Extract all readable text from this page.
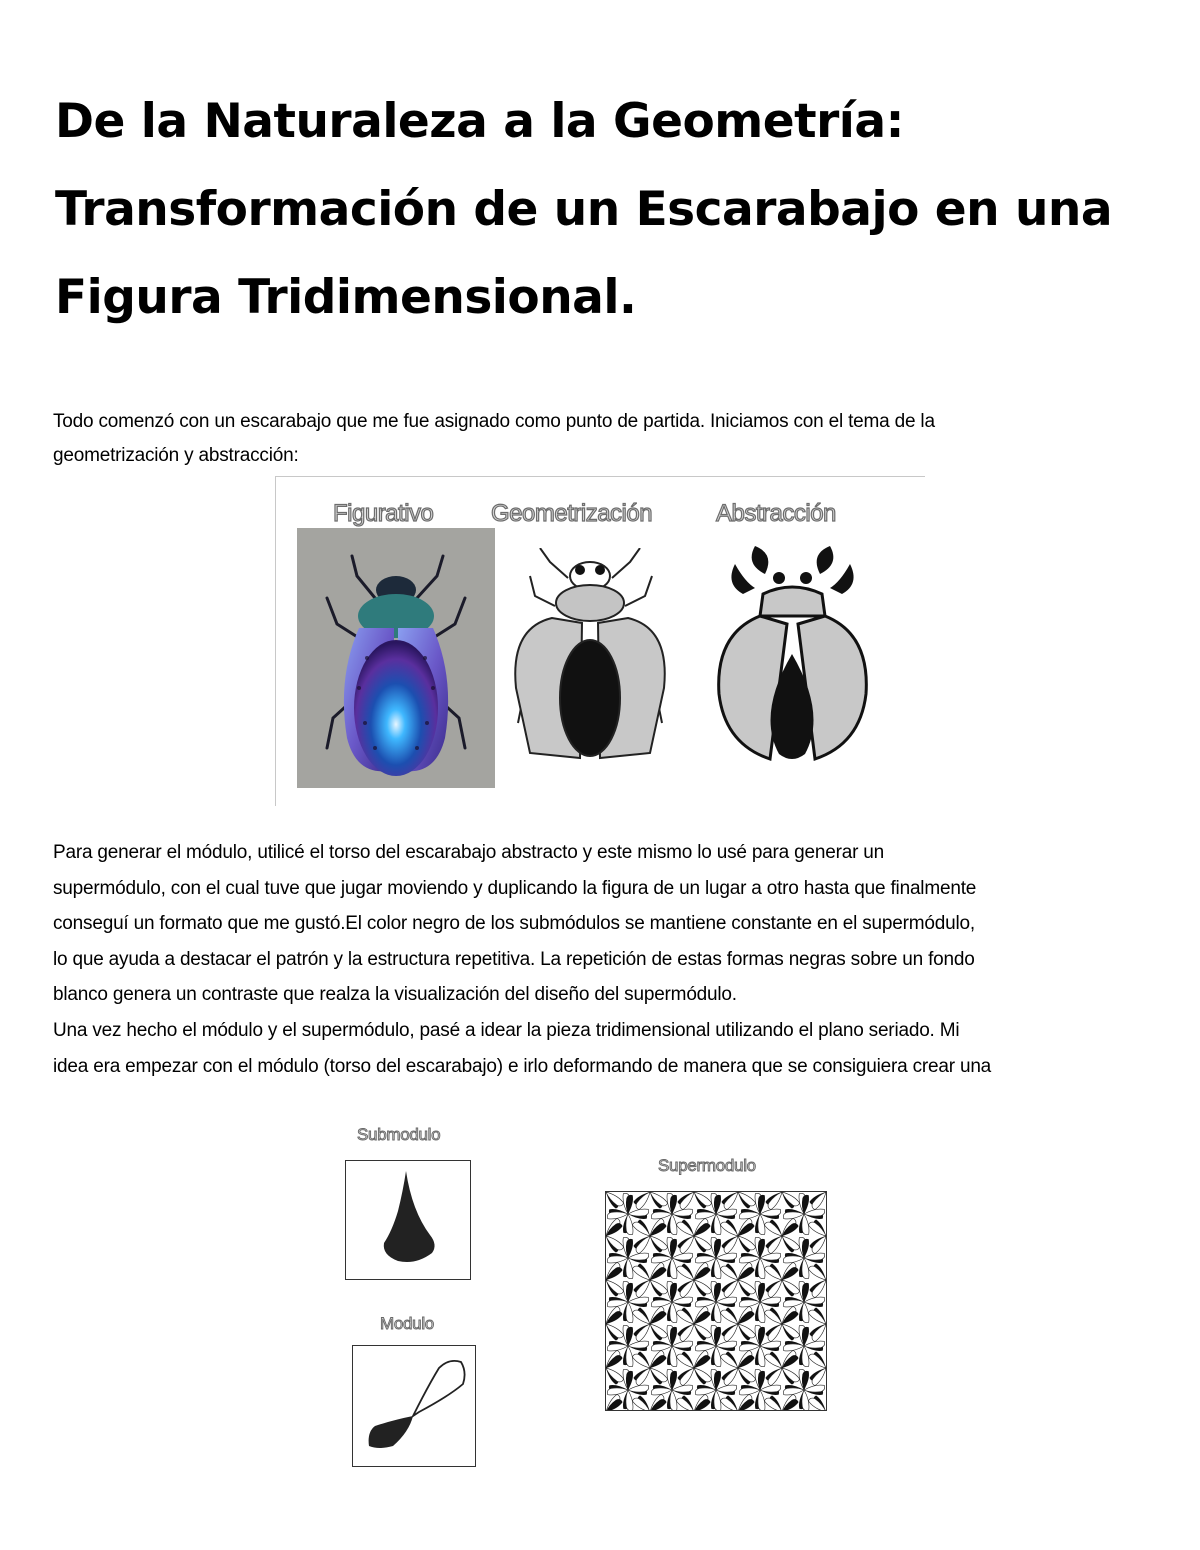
De la Naturaleza a la Geometría:
Transformación de un Escarabajo en una
Figura Tridimensional.

Todo comenzó con un escarabajo que me fue asignado como punto de partida. Iniciamos con el tema de la
geometrización y abstracción:

Figurativo Geometrización	Abstracción

Para generar el módulo, utilicé el torso del escarabajo abstracto y este mismo lo usé para generar un
supermódulo, con el cual tuve que jugar moviendo y duplicando la figura de un lugar a otro hasta que finalmente
conseguí un formato que me gustó.El color negro de los submódulos se mantiene constante en el supermódulo,
lo que ayuda a destacar el patrón y la estructura repetitiva. La repetición de estas formas negras sobre un fondo
blanco genera un contraste que realza la visualización del diseño del supermódulo.
Una vez hecho el módulo y el supermódulo, pasé a idear la pieza tridimensional utilizando el plano seriado. Mi
idea era empezar con el módulo (torso del escarabajo) e irlo deformando de manera que se consiguiera crear una

Submodulo
Modulo
Supermodulo
